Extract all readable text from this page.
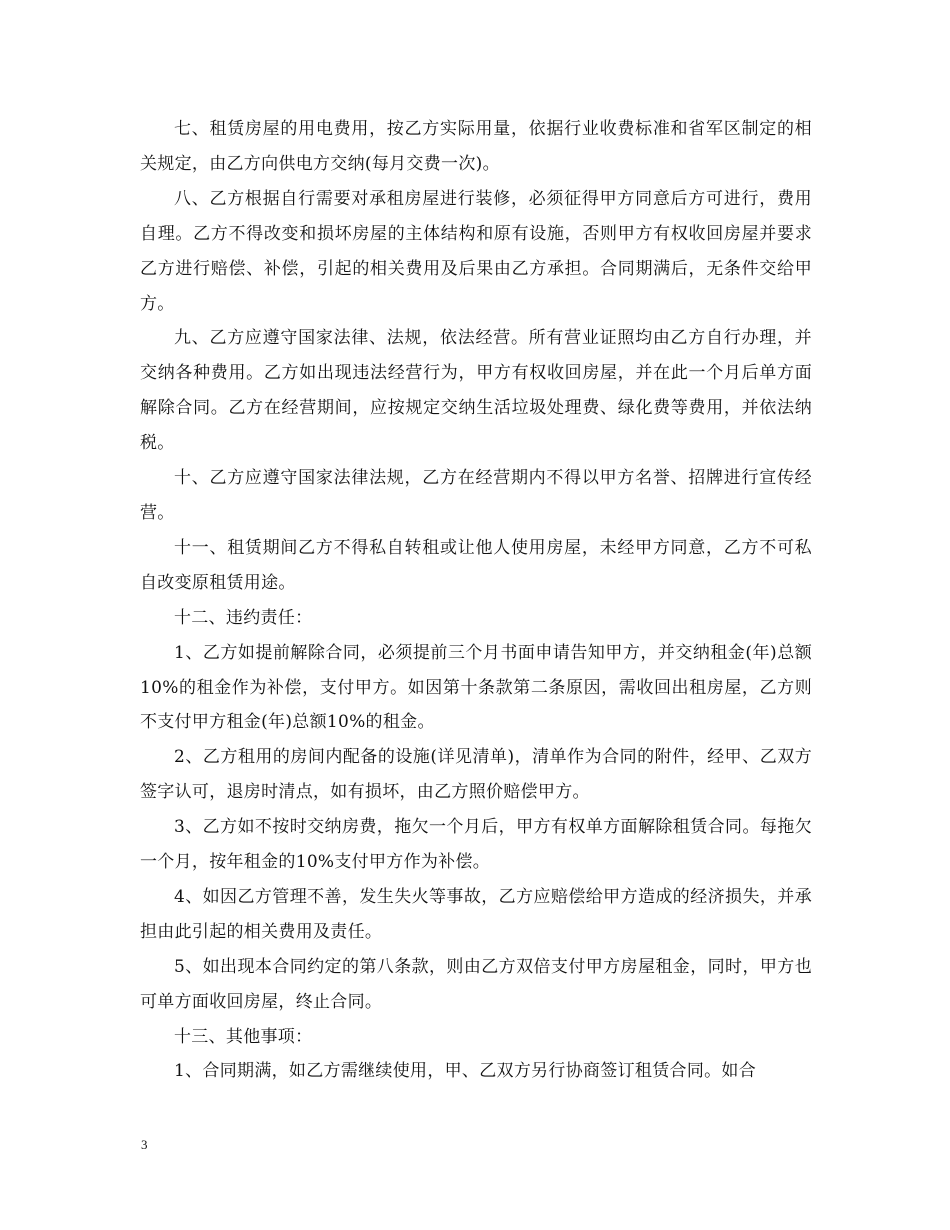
七、租赁房屋的用电费用，按乙方实际用量，依据行业收费标准和省军区制定的相关规定，由乙方向供电方交纳(每月交费一次)。

八、乙方根据自行需要对承租房屋进行装修，必须征得甲方同意后方可进行，费用自理。乙方不得改变和损坏房屋的主体结构和原有设施，否则甲方有权收回房屋并要求乙方进行赔偿、补偿，引起的相关费用及后果由乙方承担。合同期满后，无条件交给甲方。

九、乙方应遵守国家法律、法规，依法经营。所有营业证照均由乙方自行办理，并交纳各种费用。乙方如出现违法经营行为，甲方有权收回房屋，并在此一个月后单方面解除合同。乙方在经营期间，应按规定交纳生活垃圾处理费、绿化费等费用，并依法纳税。

十、乙方应遵守国家法律法规，乙方在经营期内不得以甲方名誉、招牌进行宣传经营。

十一、租赁期间乙方不得私自转租或让他人使用房屋，未经甲方同意，乙方不可私自改变原租赁用途。

十二、违约责任：

1、乙方如提前解除合同，必须提前三个月书面申请告知甲方，并交纳租金(年)总额10%的租金作为补偿，支付甲方。如因第十条款第二条原因，需收回出租房屋，乙方则不支付甲方租金(年)总额10%的租金。

2、乙方租用的房间内配备的设施(详见清单)，清单作为合同的附件，经甲、乙双方签字认可，退房时清点，如有损坏，由乙方照价赔偿甲方。

3、乙方如不按时交纳房费，拖欠一个月后，甲方有权单方面解除租赁合同。每拖欠一个月，按年租金的10%支付甲方作为补偿。

4、如因乙方管理不善，发生失火等事故，乙方应赔偿给甲方造成的经济损失，并承担由此引起的相关费用及责任。

5、如出现本合同约定的第八条款，则由乙方双倍支付甲方房屋租金，同时，甲方也可单方面收回房屋，终止合同。

十三、其他事项：

1、合同期满，如乙方需继续使用，甲、乙双方另行协商签订租赁合同。如合

3
